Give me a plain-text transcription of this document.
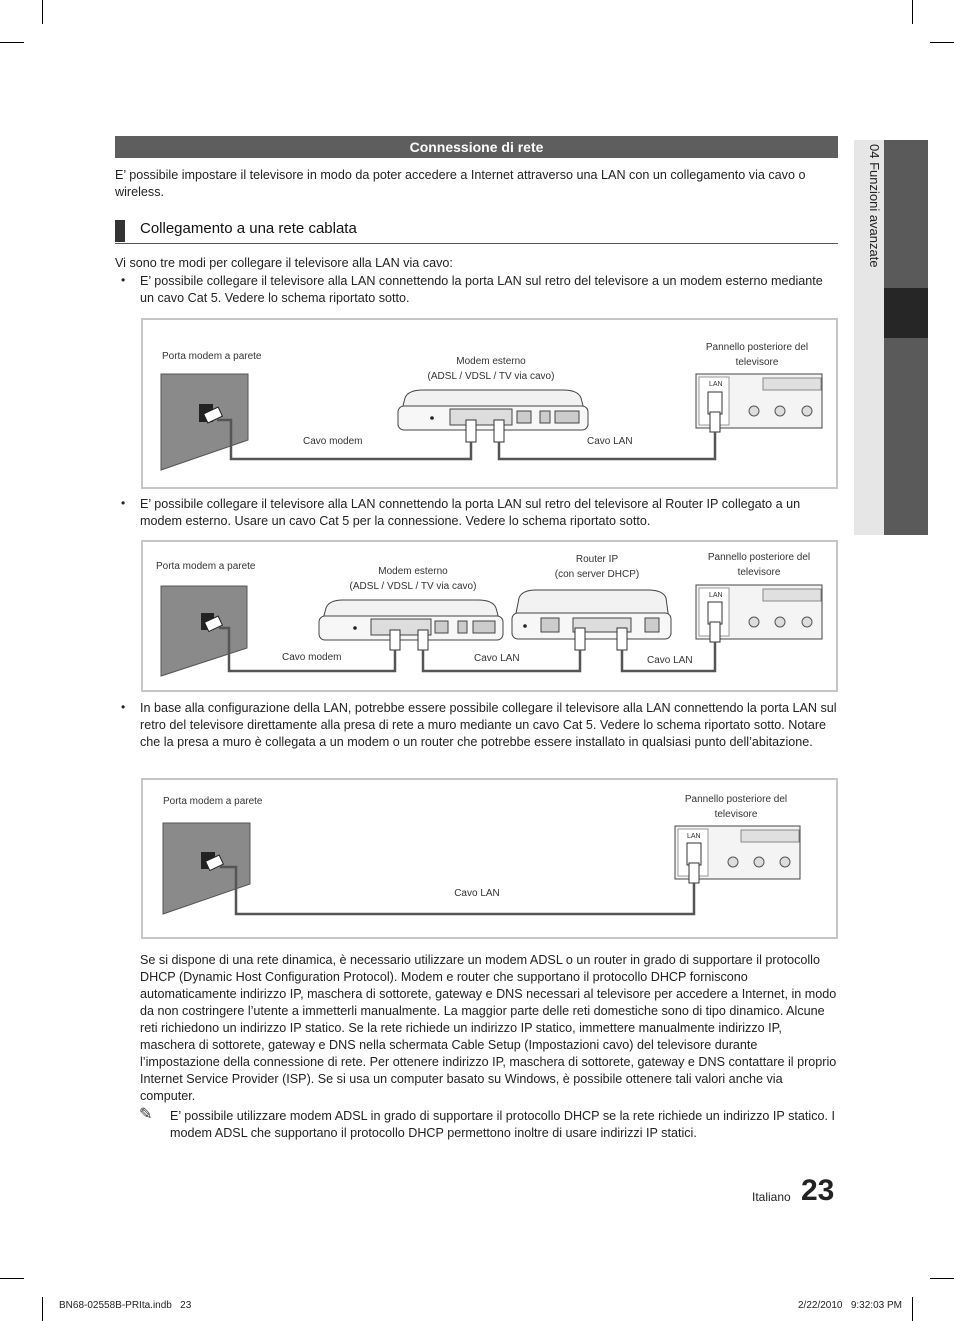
04 Funzioni avanzate
Connessione di rete
E’ possibile impostare il televisore in modo da poter accedere a Internet attraverso una LAN con un collegamento via cavo o wireless.
Collegamento a una rete cablata
Vi sono tre modi per collegare il televisore alla LAN via cavo:
• E’ possibile collegare il televisore alla LAN connettendo la porta LAN sul retro del televisore a un modem esterno mediante un cavo Cat 5. Vedere lo schema riportato sotto.
Porta modem a parete	Modem esterno
(ADSL / VDSL / TV via cavo)
Pannello posteriore del
televisore
Cavo modem	Cavo LAN
LAN
• E’ possibile collegare il televisore alla LAN connettendo la porta LAN sul retro del televisore al Router IP collegato a un modem esterno. Usare un cavo Cat 5 per la connessione. Vedere lo schema riportato sotto.
Porta modem a parete	Modem esterno
(ADSL / VDSL / TV via cavo)
Router IP
(con server DHCP)
Pannello posteriore del
televisore
Cavo modem	Cavo LAN	Cavo LAN
LAN
• In base alla configurazione della LAN, potrebbe essere possibile collegare il televisore alla LAN connettendo la porta LAN sul retro del televisore direttamente alla presa di rete a muro mediante un cavo Cat 5. Vedere lo schema riportato sotto. Notare che la presa a muro è collegata a un modem o un router che potrebbe essere installato in qualsiasi punto dell’abitazione.
Porta modem a parete	Pannello posteriore del
televisore
Cavo LAN
LAN
Se si dispone di una rete dinamica, è necessario utilizzare un modem ADSL o un router in grado di supportare il protocollo DHCP (Dynamic Host Configuration Protocol). Modem e router che supportano il protocollo DHCP forniscono automaticamente indirizzo IP, maschera di sottorete, gateway e DNS necessari al televisore per accedere a Internet, in modo da non costringere l’utente a immetterli manualmente. La maggior parte delle reti domestiche sono di tipo dinamico. Alcune reti richiedono un indirizzo IP statico. Se la rete richiede un indirizzo IP statico, immettere manualmente indirizzo IP, maschera di sottorete, gateway e DNS nella schermata Cable Setup (Impostazioni cavo) del televisore durante l’impostazione della connessione di rete. Per ottenere indirizzo IP, maschera di sottorete, gateway e DNS contattare il proprio Internet Service Provider (ISP). Se si usa un computer basato su Windows, è possibile ottenere tali valori anche via computer.
✎ E’ possibile utilizzare modem ADSL in grado di supportare il protocollo DHCP se la rete richiede un indirizzo IP statico. I modem ADSL che supportano il protocollo DHCP permettono inoltre di usare indirizzi IP statici.
Italiano 23
BN68-02558B-PRIta.indb   23	2/22/2010   9:32:03 PM
